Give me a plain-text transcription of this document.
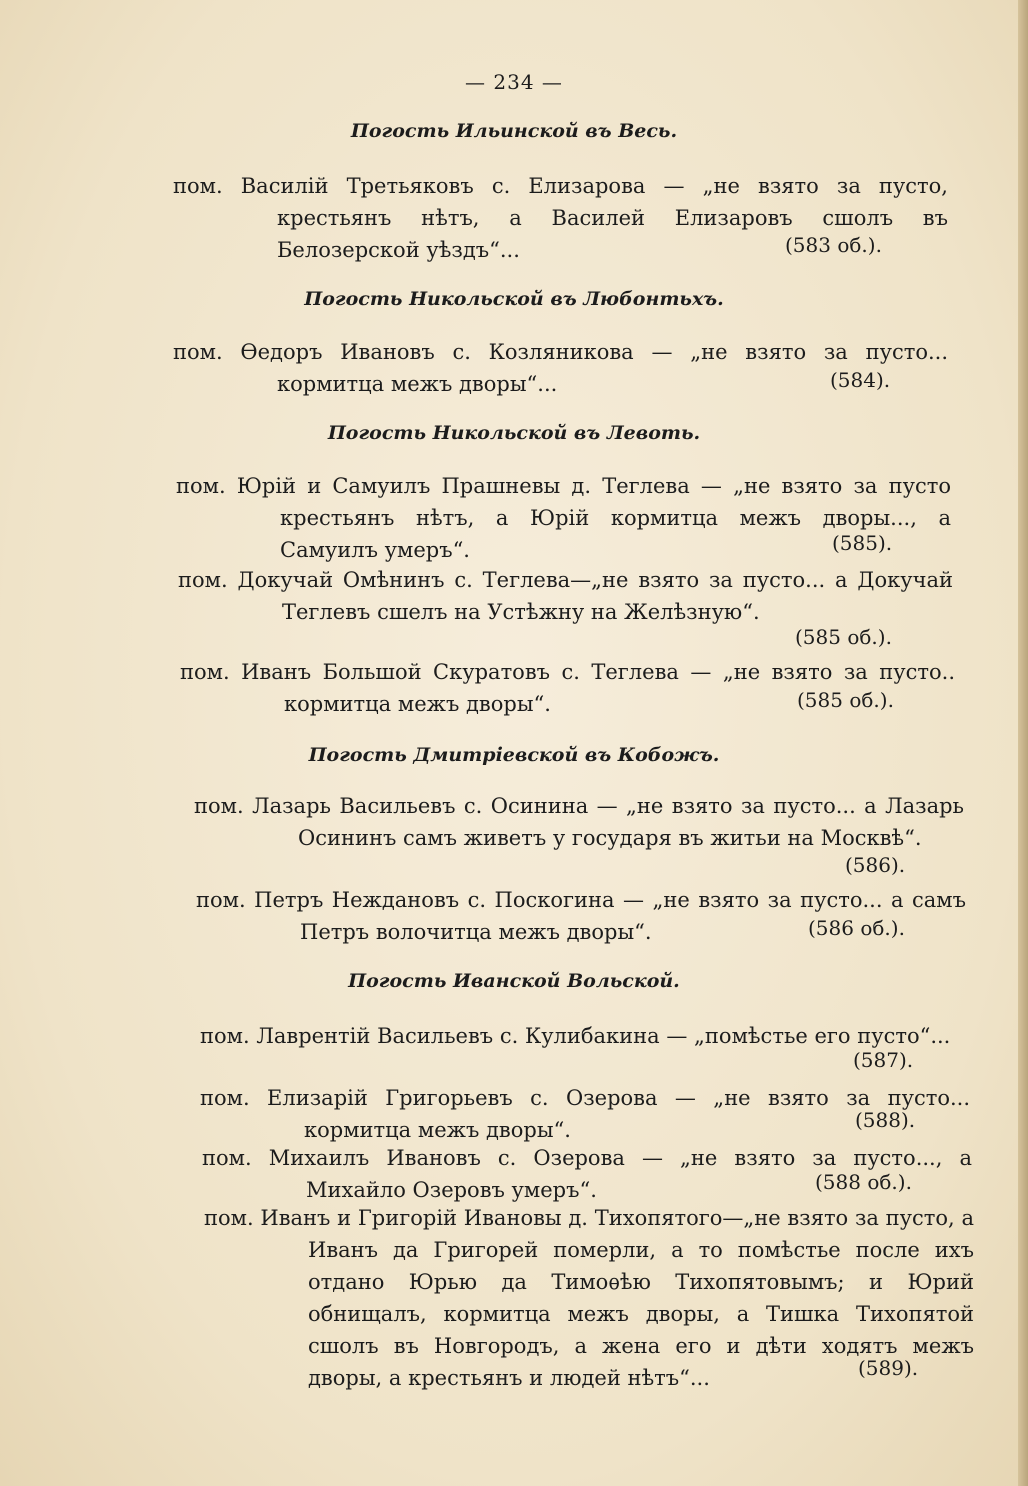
— 234 —
Погость Ильинской въ Весь.
пом. Василій Третьяковъ с. Елизарова — „не взято за пусто, крестьянъ нѣтъ, а Василей Елизаровъ сшолъ въ Белозерской уѣздъ“...	(583 об.).
Погость Никольской въ Любонтьхъ.
пом. Ѳедоръ Ивановъ с. Козляникова — „не взято за пусто... кормитца межъ дворы“...	(584).
Погость Никольской въ Левоть.
пом. Юрій и Самуилъ Прашневы д. Теглева — „не взято за пусто крестьянъ нѣтъ, а Юрій кормитца межъ дворы..., а Самуилъ умеръ“.	(585).
пом. Докучай Омѣнинъ с. Теглева—„не взято за пусто... а Докучай Теглевъ сшелъ на Устѣжну на Желѣзную“.
(585 об.).
пом. Иванъ Большой Скуратовъ с. Теглева — „не взято за пусто.. кормитца межъ дворы“.	(585 об.).
Погость Дмитріевской въ Кобожъ.
пом. Лазарь Васильевъ с. Осинина — „не взято за пусто... а Лазарь Осининъ самъ живетъ у государя въ житьи на Москвѣ“.
(586).
пом. Петръ Неждановъ с. Поскогина — „не взято за пусто... а самъ Петръ волочитца межъ дворы“.	(586 об.).
Погость Иванской Вольской.
пом. Лаврентій Васильевъ с. Кулибакина — „помѣстье его пусто“...
(587).
пом. Елизарій Григорьевъ с. Озерова — „не взято за пусто... кормитца межъ дворы“.	(588).
пом. Михаилъ Ивановъ с. Озерова — „не взято за пусто..., а Михайло Озеровъ умеръ“.	(588 об.).
пом. Иванъ и Григорій Ивановы д. Тихопятого—„не взято за пусто, а Иванъ да Григорей померли, а то помѣстье после ихъ отдано Юрью да Тимоѳѣю Тихопятовымъ; и Юрий обнищалъ, кормитца межъ дворы, а Тишка Тихопятой сшолъ въ Новгородъ, а жена его и дѣти ходятъ межъ дворы, а крестьянъ и людей нѣтъ“...	(589).
